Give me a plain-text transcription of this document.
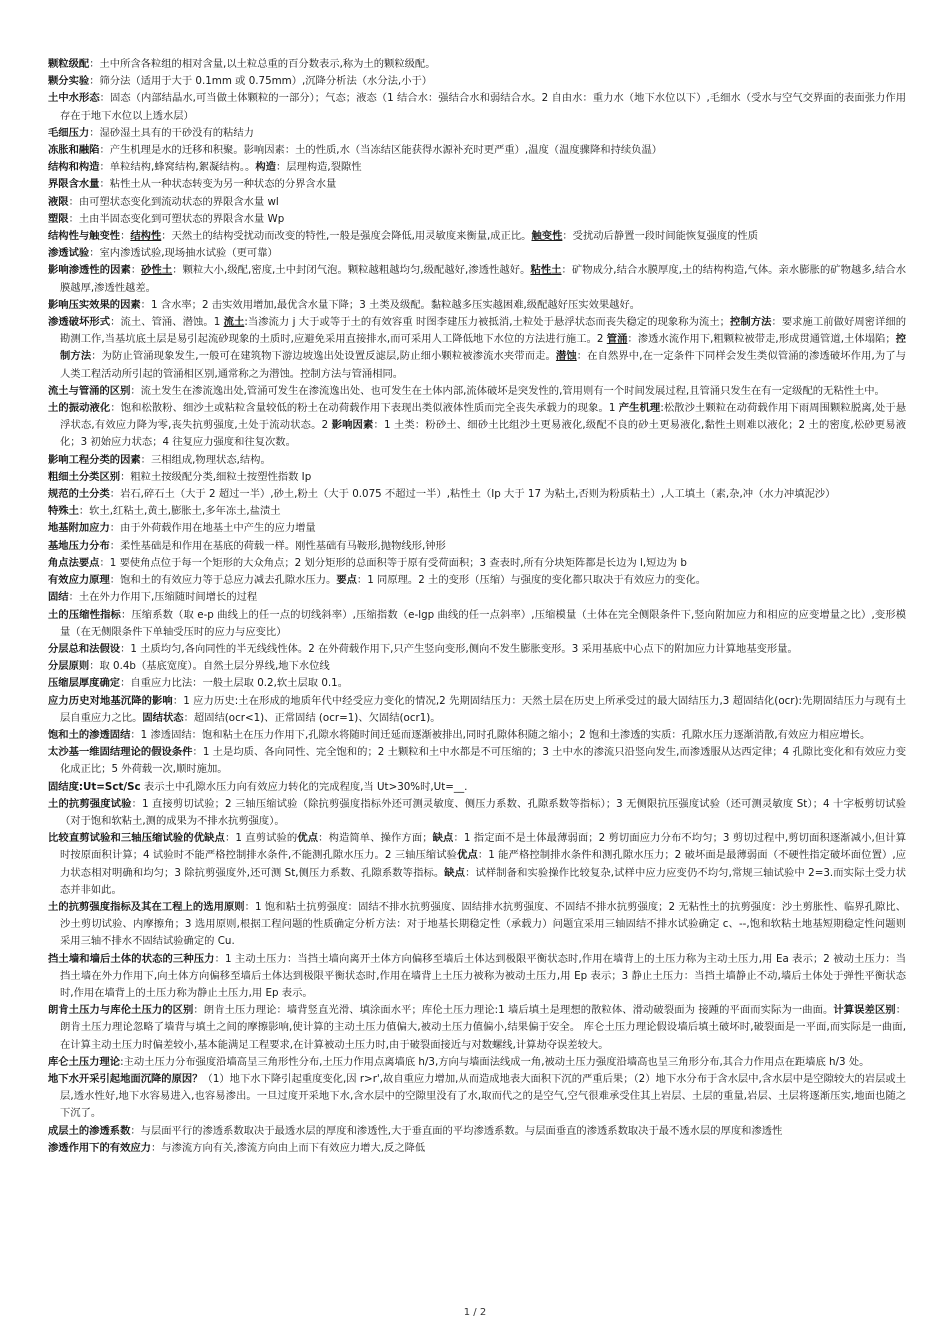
颗粒级配：土中所含各粒组的相对含量,以土粒总重的百分数表示,称为土的颗粒级配。

颗分实验：筛分法（适用于大于 0.1mm 或 0.75mm）,沉降分析法（水分法,小于）

土中水形态：固态（内部结晶水,可当做土体颗粒的一部分）；气态；液态（1 结合水：强结合水和弱结合水。2 自由水：重力水（地下水位以下）,毛细水（受水与空气交界面的表面张力作用存在于地下水位以上透水层）

毛细压力：湿砂湿土具有的干砂没有的粘结力

冻胀和融陷：产生机理是水的迁移和积聚。影响因素：土的性质,水（当冻结区能获得水源补充时更严重）,温度（温度骤降和持续负温）

结构和构造：单粒结构,蜂窝结构,絮凝结构。。构造：层理构造,裂隙性

界限含水量：粘性土从一种状态转变为另一种状态的分界含水量

液限：由可塑状态变化到流动状态的界限含水量 wl

塑限：土由半固态变化到可塑状态的界限含水量 Wp

结构性与触变性：结构性：天然土的结构受扰动而改变的特性,一般是强度会降低,用灵敏度来衡量,成正比。触变性：受扰动后静置一段时间能恢复强度的性质

渗透试验：室内渗透试验,现场抽水试验（更可靠）

影响渗透性的因素：砂性土：颗粒大小,级配,密度,土中封闭气泡。颗粒越粗越均匀,级配越好,渗透性越好。粘性土：矿物成分,结合水膜厚度,土的结构构造,气体。亲水膨胀的矿物越多,结合水膜越厚,渗透性越差。

影响压实效果的因素：1 含水率；2 击实效用增加,最优含水量下降；3 土类及级配。黏粒越多压实越困难,级配越好压实效果越好。

渗透破坏形式：流土、管涌、潜蚀。1 流土:当渗流力 j 大于或等于土的有效容重 时图李建压力被抵消,土粒处于悬浮状态而丧失稳定的现象称为流土；控制方法：要求施工前做好周密详细的勘测工作,当基坑底土层是易引起流砂现象的土质时,应避免采用直接排水,而可采用人工降低地下水位的方法进行施工。2 管涌：渗透水流作用下,粗颗粒被带走,形成贯通管道,土体塌陷；控制方法：为防止管涌现象发生,一般可在建筑物下游边坡逸出处设置反滤层,防止细小颗粒被渗流水夹带而走。潜蚀：在自然界中,在一定条件下同样会发生类似管涌的渗透破坏作用,为了与人类工程活动所引起的管涌相区别,通常称之为潜蚀。控制方法与管涌相同。

流土与管涌的区别：流土发生在渗流逸出处,管涌可发生在渗流逸出处、也可发生在土体内部,流体破坏是突发性的,管用则有一个时间发展过程,且管涌只发生在有一定级配的无粘性土中。

土的振动液化：饱和松散粉、细沙土或粘粒含量较低的粉土在动荷载作用下表现出类似液体性质而完全丧失承载力的现象。1 产生机理:松散沙土颗粒在动荷载作用下雨周围颗粒脱离,处于悬浮状态,有效应力降为零,丧失抗剪强度,土处于流动状态。2 影响因素：1 土类：粉砂土、细砂土比组沙土更易液化,级配不良的砂土更易液化,黏性土则难以液化；2 土的密度,松砂更易液化；3 初始应力状态；4 往复应力强度和往复次数。

影响工程分类的因素：三相组成,物理状态,结构。

粗细土分类区别：粗粒土按级配分类,细粒土按塑性指数 Ip

规范的土分类：岩石,碎石土（大于 2 超过一半）,砂土,粉土（大于 0.075 不超过一半）,粘性土（Ip 大于 17 为粘土,否则为粉质粘土）,人工填土（素,杂,冲（水力冲填泥沙）

特殊土：软土,红粘土,黄土,膨胀土,多年冻土,盐渍土

地基附加应力：由于外荷载作用在地基土中产生的应力增量

基地压力分布：柔性基础是和作用在基底的荷载一样。刚性基础有马鞍形,抛物线形,钟形

角点法要点：1 要使角点位于每一个矩形的大众角点；2 划分矩形的总面积等于原有受荷面积；3 查表时,所有分块矩阵都是长边为 l,短边为 b

有效应力原理：饱和土的有效应力等于总应力减去孔隙水压力。要点：1 同原理。2 土的变形（压缩）与强度的变化都只取决于有效应力的变化。

固结：土在外力作用下,压缩随时间增长的过程

土的压缩性指标：压缩系数（取 e-p 曲线上的任一点的切线斜率）,压缩指数（e-lgp 曲线的任一点斜率）,压缩模量（土体在完全侧限条件下,竖向附加应力和相应的应变增量之比）,变形模量（在无侧限条件下单轴受压时的应力与应变比）

分层总和法假设：1 土质均匀,各向同性的半无线线性体。2 在外荷载作用下,只产生竖向变形,侧向不发生膨胀变形。3 采用基底中心点下的附加应力计算地基变形量。

分层原则：取 0.4b（基底宽度）。自然土层分界线,地下水位线

压缩层厚度确定：自重应力比法：一般土层取 0.2,软土层取 0.1。

应力历史对地基沉降的影响：1 应力历史:土在形成的地质年代中经受应力变化的情况,2 先期固结压力：天然土层在历史上所承受过的最大固结压力,3 超固结化(ocr):先期固结压力与现有土层自重应力之比。固结状态：超固结(ocr<1)、正常固结 (ocr=1)、欠固结(ocr1)。

饱和土的渗透固结：1 渗透固结：饱和粘土在压力作用下,孔隙水将随时间迁延而逐渐被排出,同时孔隙体积随之缩小；2 饱和土渗透的实质：孔隙水压力逐渐消散,有效应力相应增长。

太沙基一维固结理论的假设条件：1 土是均质、各向同性、完全饱和的；2 土颗粒和土中水都是不可压缩的；3 土中水的渗流只沿竖向发生,而渗透服从达西定律；4 孔隙比变化和有效应力变化成正比；5 外荷载一次,顺时施加。

固结度:Ut=Sct/Sc 表示土中孔隙水压力向有效应力转化的完成程度,当 Ut>30%时,Ut=__.

土的抗剪强度试验：1 直接剪切试验；2 三轴压缩试验（除抗剪强度指标外还可测灵敏度、侧压力系数、孔隙系数等指标）；3 无侧限抗压强度试验（还可测灵敏度 St）；4 十字板剪切试验（对于饱和软粘土,测的成果为不排水抗剪强度）。

比较直剪试验和三轴压缩试验的优缺点：1 直剪试验的优点：构造简单、操作方面；缺点：1 指定面不是土体最薄弱面；2 剪切面应力分布不均匀；3 剪切过程中,剪切面积逐渐减小,但计算时按原面积计算；4 试验时不能严格控制排水条件,不能测孔隙水压力。2 三轴压缩试验优点：1 能严格控制排水条件和测孔隙水压力；2 破坏面是最薄弱面（不硬性指定破坏面位置）,应力状态相对明确和均匀；3 除抗剪强度外,还可测 St,侧压力系数、孔隙系数等指标。缺点：试样制备和实验操作比较复杂,试样中应力应变仍不均匀,常规三轴试验中 2=3.而实际土受力状态并非如此。

土的抗剪强度指标及其在工程上的选用原则：1 饱和粘土抗剪强度：固结不排水抗剪强度、固结排水抗剪强度、不固结不排水抗剪强度；2 无粘性土的抗剪强度：沙土剪胀性、临界孔隙比、沙土剪切试验、内摩擦角；3 选用原则,根据工程问题的性质确定分析方法：对于地基长期稳定性（承载力）问题宜采用三轴固结不排水试验确定 c、--,饱和软粘土地基短期稳定性问题则采用三轴不排水不固结试验确定的 Cu.

挡土墙和墙后土体的状态的三种压力：1 主动土压力：当挡土墙向离开土体方向偏移至墙后土体达到极限平衡状态时,作用在墙背上的土压力称为主动土压力,用 Ea 表示；2 被动土压力：当挡土墙在外力作用下,向土体方向偏移至墙后土体达到极限平衡状态时,作用在墙背上土压力被称为被动土压力,用 Ep 表示；3 静止土压力：当挡土墙静止不动,墙后土体处于弹性平衡状态时,作用在墙背上的土压力称为静止土压力,用 Ep 表示。

朗肯土压力与库伦土压力的区别：朗肯土压力理论：墙背竖直光滑、填涂面水平；库伦土压力理论:1 墙后填土是理想的散粒体、滑动破裂面为 接踵的平面而实际为一曲面。计算误差区别：朗肯土压力理论忽略了墙背与填土之间的摩擦影响,使计算的主动土压力值偏大,被动土压力值偏小,结果偏于安全。 库仑土压力理论假设墙后填土破坏时,破裂面是一平面,而实际是一曲面,在计算主动土压力时偏差较小,基本能满足工程要求,在计算被动土压力时,由于破裂面接近与对数螺线,计算劫夺误差较大。

库仑土压力理论:主动土压力分布强度沿墙高呈三角形性分布,土压力作用点离墙底 h/3,方向与墙面法线成一角,被动土压力强度沿墙高也呈三角形分布,其合力作用点在距墙底 h/3 处。

地下水开采引起地面沉降的原因？（1）地下水下降引起重度变化,因 r>r',故自重应力增加,从而造成地表大面积下沉的严重后果；（2）地下水分布于含水层中,含水层中是空隙较大的岩层或土层,透水性好,地下水容易进入,也容易渗出。一旦过度开采地下水,含水层中的空隙里没有了水,取而代之的是空气,空气很难承受住其上岩层、土层的重量,岩层、土层将逐渐压实,地面也随之下沉了。

成层土的渗透系数：与层面平行的渗透系数取决于最透水层的厚度和渗透性,大于垂直面的平均渗透系数。与层面垂直的渗透系数取决于最不透水层的厚度和渗透性

渗透作用下的有效应力：与渗流方向有关,渗流方向由上而下有效应力增大,反之降低

1 / 2
